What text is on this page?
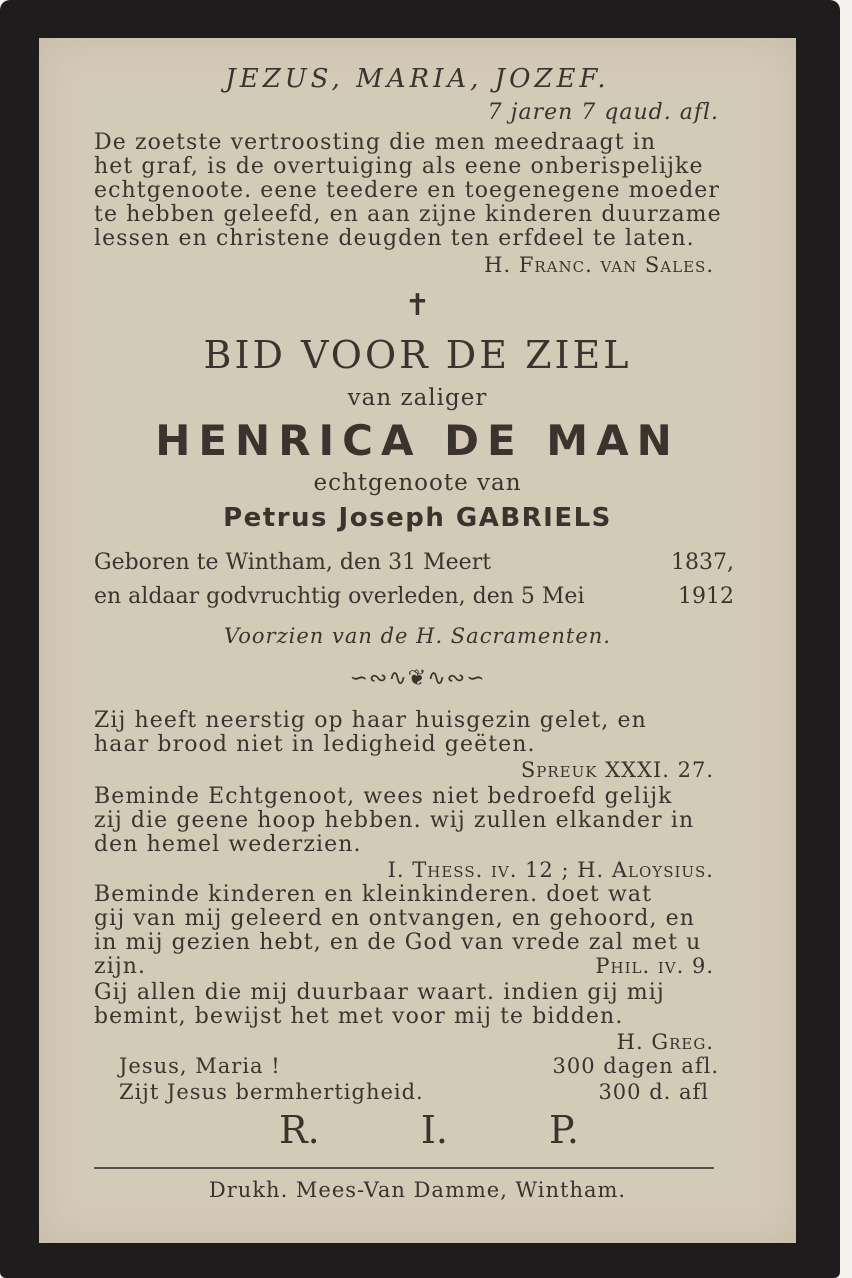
JEZUS, MARIA, JOZEF.
7 jaren 7 qaud. afl.
De zoetste vertroosting die men meedraagt in
het graf, is de overtuiging als eene onberispelijke
echtgenoote. eene teedere en toegenegene moeder
te hebben geleefd, en aan zijne kinderen duurzame
lessen en christene deugden ten erfdeel te laten.
H. Franc. van Sales.
✝
BID VOOR DE ZIEL
van zaliger
HENRICA DE MAN
echtgenoote van
Petrus Joseph GABRIELS
Geboren te Wintham, den 31 Meert	1837,
en aldaar godvruchtig overleden, den 5 Mei	1912
Voorzien van de H. Sacramenten.
∽∾∿❦∿∾∽
Zij heeft neerstig op haar huisgezin gelet, en
haar brood niet in ledigheid geëten.
Spreuk XXXI. 27.
Beminde Echtgenoot, wees niet bedroefd gelijk
zij die geene hoop hebben. wij zullen elkander in
den hemel wederzien.
I. Thess. iv. 12 ; H. Aloysius.
Beminde kinderen en kleinkinderen. doet wat
gij van mij geleerd en ontvangen, en gehoord, en
in mij gezien hebt, en de God van vrede zal met u
zijn.	Phil. iv. 9.
Gij allen die mij duurbaar waart. indien gij mij
bemint, bewijst het met voor mij te bidden.
H. Greg.
Jesus, Maria !	300 dagen afl.
Zijt Jesus bermhertigheid.	300 d. afl
R.	I.	P.
Drukh. Mees-Van Damme, Wintham.
